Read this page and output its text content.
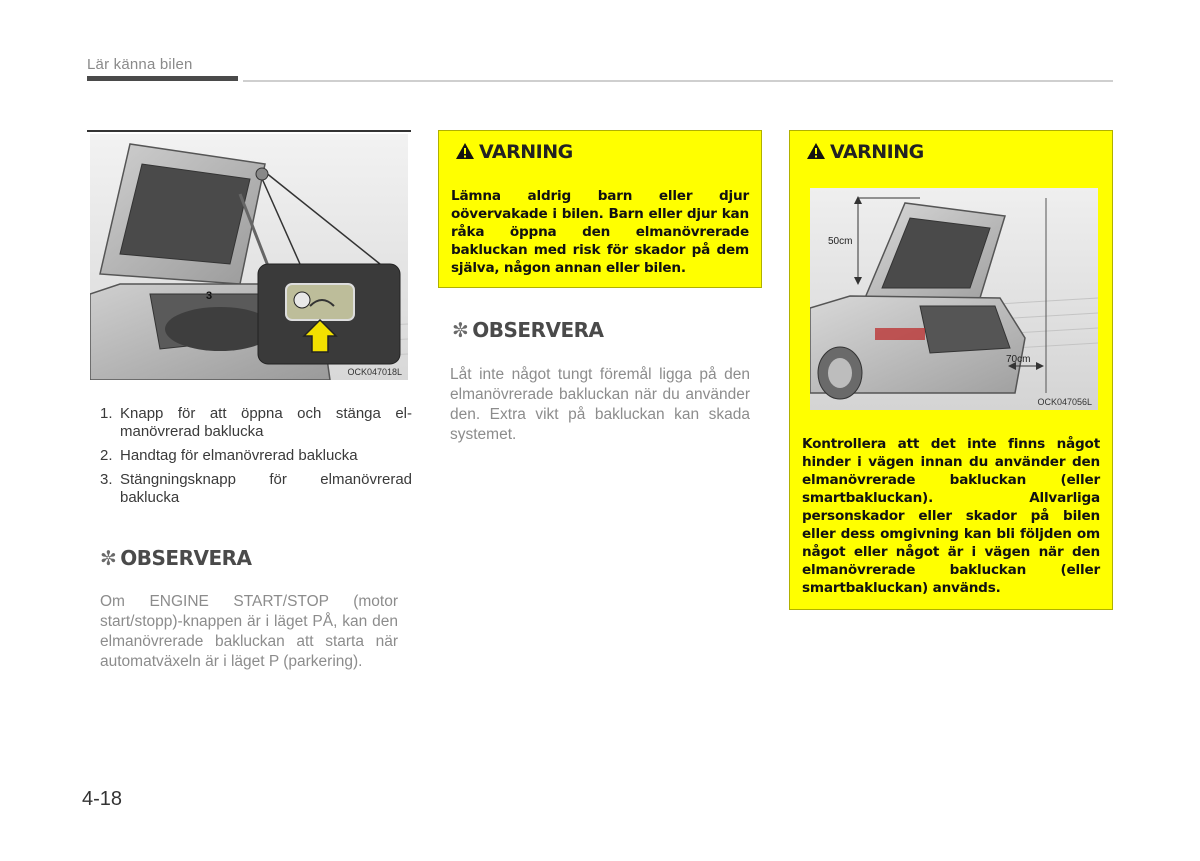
Lär känna bilen
3
OCK047018L
1. Knapp för att öppna och stänga el-manövrerad baklucka
2. Handtag för elmanövrerad baklucka
3. Stängningsknapp för elmanövrerad baklucka
✼ OBSERVERA
Om ENGINE START/STOP (motor start/stopp)-knappen är i läget PÅ, kan den elmanövrerade bakluckan att starta när automatväxeln är i läget P (parkering).
VARNING
Lämna aldrig barn eller djur oövervakade i bilen. Barn eller djur kan råka öppna den elmanövrerade bakluckan med risk för skador på dem själva, någon annan eller bilen.
✼ OBSERVERA
Låt inte något tungt föremål ligga på den elmanövrerade bakluckan när du använder den. Extra vikt på bakluckan kan skada systemet.
VARNING
Kontrollera att det inte finns något hinder i vägen innan du använder den elmanövrerade bakluckan (eller smartbakluckan). Allvarliga personskador eller skador på bilen eller dess omgivning kan bli följden om något eller något är i vägen när den elmanövrerade bakluckan (eller smartbakluckan) används.
50cm
70cm
OCK047056L
4-18
